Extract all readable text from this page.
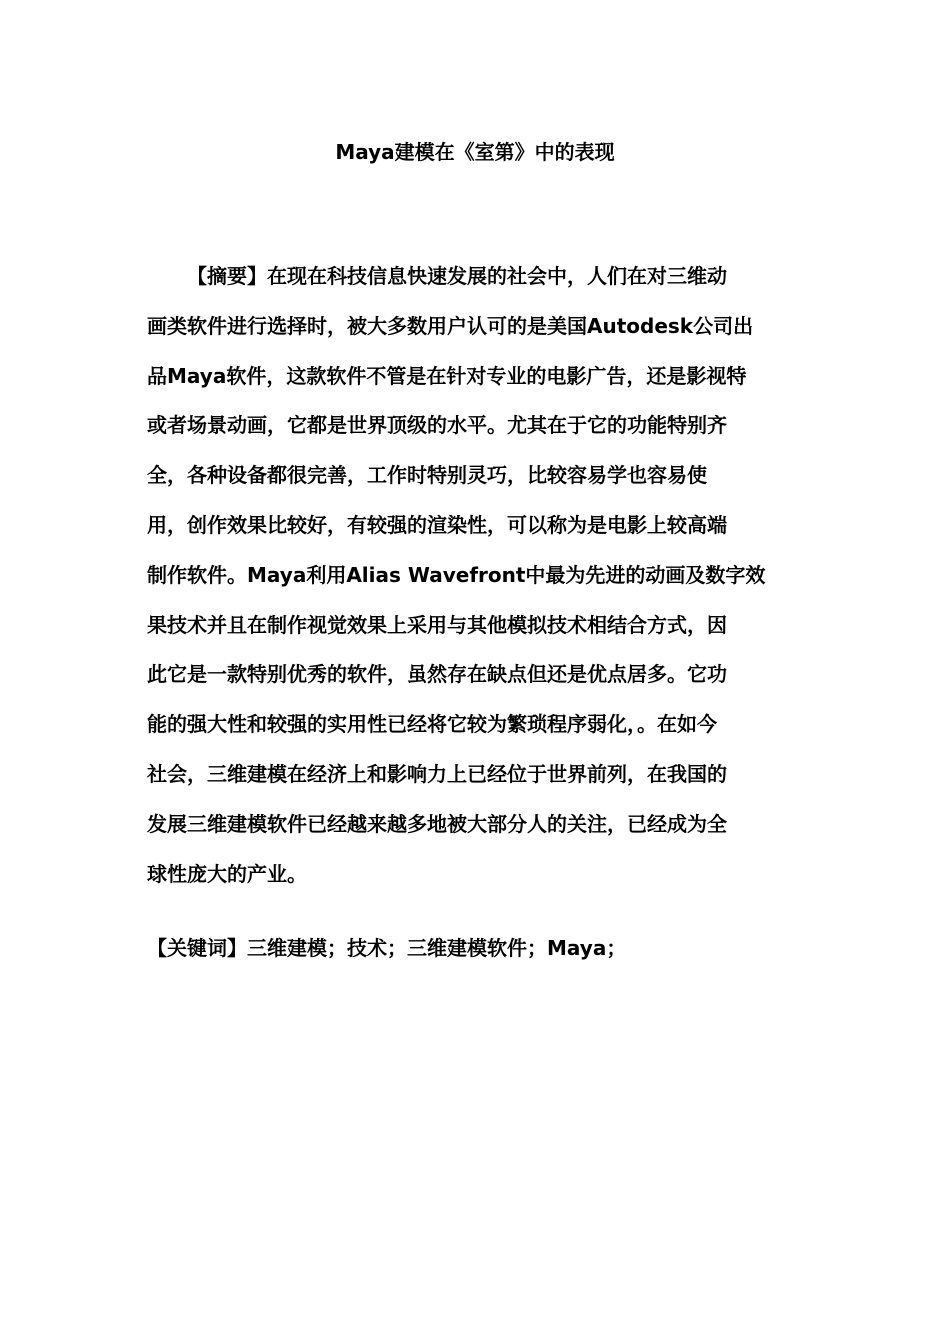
Maya建模在《室第》中的表现
【摘要】在现在科技信息快速发展的社会中，人们在对三维动
画类软件进行选择时，被大多数用户认可的是美国Autodesk公司出
品Maya软件，这款软件不管是在针对专业的电影广告，还是影视特
或者场景动画，它都是世界顶级的水平。尤其在于它的功能特别齐
全，各种设备都很完善，工作时特别灵巧，比较容易学也容易使
用，创作效果比较好，有较强的渲染性，可以称为是电影上较高端
制作软件。Maya利用Alias Wavefront中最为先进的动画及数字效
果技术并且在制作视觉效果上采用与其他模拟技术相结合方式，因
此它是一款特别优秀的软件，虽然存在缺点但还是优点居多。它功
能的强大性和较强的实用性已经将它较为繁琐程序弱化，。在如今
社会，三维建模在经济上和影响力上已经位于世界前列，在我国的
发展三维建模软件已经越来越多地被大部分人的关注，已经成为全
球性庞大的产业。

【关键词】三维建模；技术；三维建模软件；Maya；
